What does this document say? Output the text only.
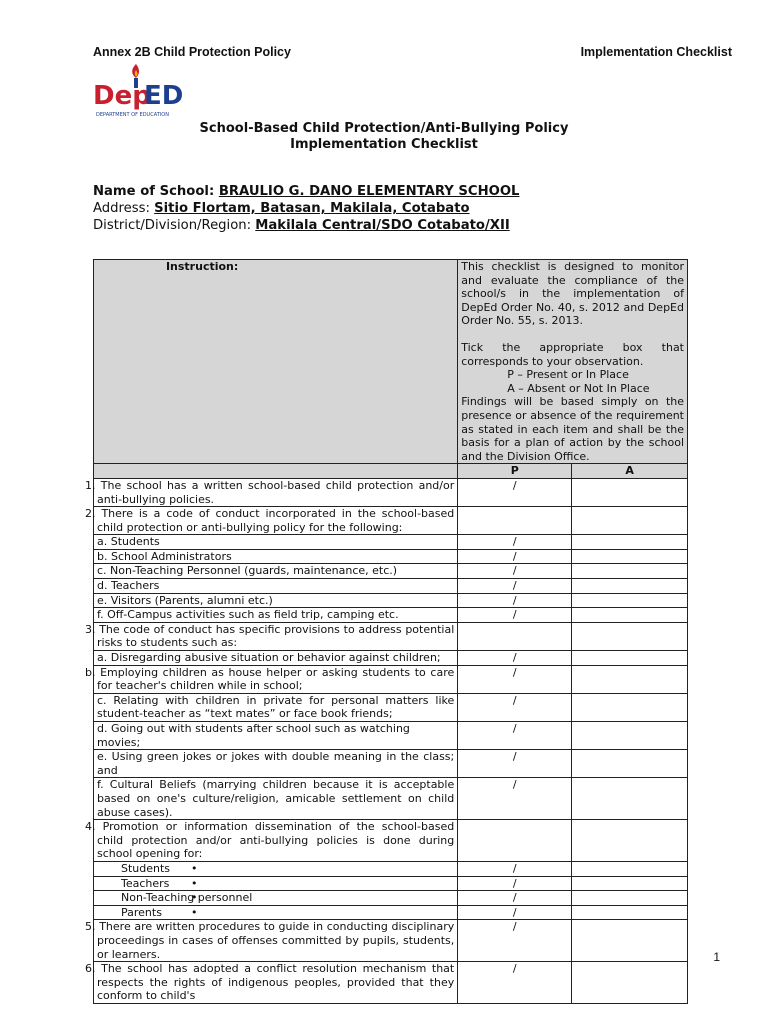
Annex 2B Child Protection Policy	Implementation Checklist
Dep
ED
DEPARTMENT OF EDUCATION
School-Based Child Protection/Anti-Bullying Policy
Implementation Checklist
Name of School: BRAULIO G. DANO ELEMENTARY SCHOOL
Address: Sitio Flortam, Batasan, Makilala, Cotabato
District/Division/Region: Makilala Central/SDO Cotabato/XII
Instruction:	This checklist is designed to monitor and evaluate the compliance of the school/s in the implementation of DepEd Order No. 40, s. 2012 and DepEd Order No. 55, s. 2013.

Tick the appropriate box that corresponds to your observation.

P – Present or In Place

A – Absent or Not In Place

Findings will be based simply on the presence or absence of the requirement as stated in each item and shall be the basis for a plan of action by the school and the Division Office.	

	P	A
1. The school has a written school-based child protection and/or anti-bullying policies.	/	
2. There is a code of conduct incorporated in the school-based child protection or anti-bullying policy for the following:		
a. Students	/	
b. School Administrators	/	
c. Non-Teaching Personnel (guards, maintenance, etc.)	/	
d. Teachers	/	
e. Visitors (Parents, alumni etc.)	/	
f. Off-Campus activities such as field trip, camping etc.	/	
3. The code of conduct has specific provisions to address potential risks to students such as:		
a. Disregarding abusive situation or behavior against children;	/	
b. Employing children as house helper or asking students to care for teacher's children while in school;	/	
c. Relating with children in private for personal matters like student-teacher as “text mates” or face book friends;	/	
d. Going out with students after school such as watching movies;	/	
e. Using green jokes or jokes with double meaning in the class; and	/	
f. Cultural Beliefs (marrying children because it is acceptable based on one's culture/religion, amicable settlement on child abuse cases).	/	
4. Promotion or information dissemination of the school-based child protection and/or anti-bullying policies is done during school opening for:		
• Students	/	
• Teachers	/	
• Non-Teaching personnel	/	
• Parents	/	
5. There are written procedures to guide in conducting disciplinary proceedings in cases of offenses committed by pupils, students, or learners.	/	
6. The school has adopted a conflict resolution mechanism that respects the rights of indigenous peoples, provided that they conform to child's	/	
1
